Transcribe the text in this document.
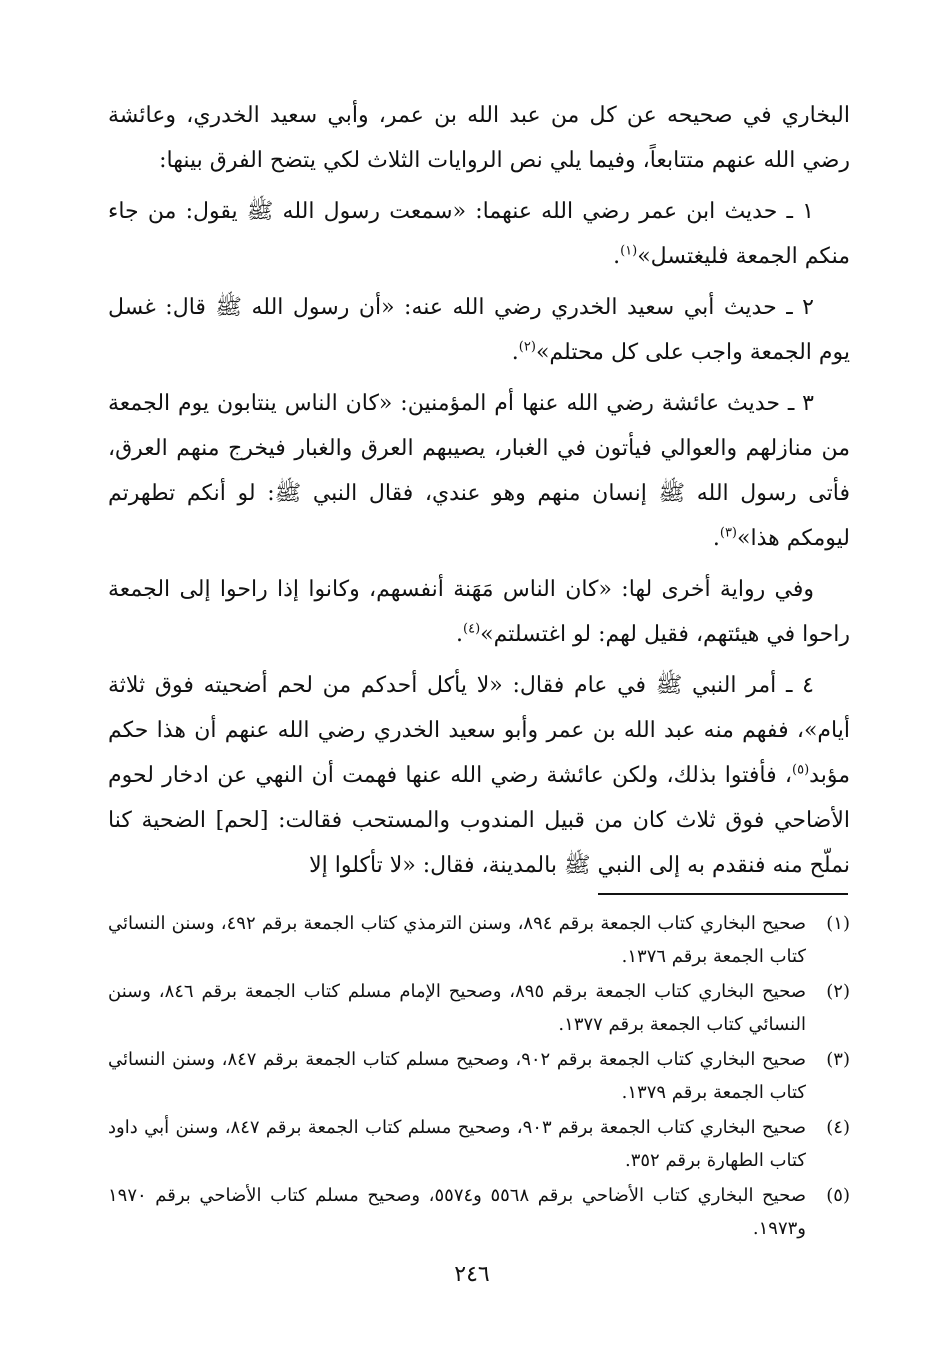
البخاري في صحيحه عن كل من عبد الله بن عمر، وأبي سعيد الخدري، وعائشة رضي الله عنهم متتابعاً، وفيما يلي نص الروايات الثلاث لكي يتضح الفرق بينها:

١ ـ حديث ابن عمر رضي الله عنهما: «سمعت رسول الله ﷺ يقول: من جاء منكم الجمعة فليغتسل»$^{(١)}$.

٢ ـ حديث أبي سعيد الخدري رضي الله عنه: «أن رسول الله ﷺ قال: غسل يوم الجمعة واجب على كل محتلم»$^{(٢)}$.

٣ ـ حديث عائشة رضي الله عنها أم المؤمنين: «كان الناس ينتابون يوم الجمعة من منازلهم والعوالي فيأتون في الغبار، يصيبهم العرق والغبار فيخرج منهم العرق، فأتى رسول الله ﷺ إنسان منهم وهو عندي، فقال النبي ﷺ: لو أنكم تطهرتم ليومكم هذا»$^{(٣)}$.

وفي رواية أخرى لها: «كان الناس مَهَنة أنفسهم، وكانوا إذا راحوا إلى الجمعة راحوا في هيئتهم، فقيل لهم: لو اغتسلتم»$^{(٤)}$.

٤ ـ أمر النبي ﷺ في عام فقال: «لا يأكل أحدكم من لحم أضحيته فوق ثلاثة أيام»، ففهم منه عبد الله بن عمر وأبو سعيد الخدري رضي الله عنهم أن هذا حكم مؤبد$^{(٥)}$، فأفتوا بذلك، ولكن عائشة رضي الله عنها فهمت أن النهي عن ادخار لحوم الأضاحي فوق ثلاث كان من قبيل المندوب والمستحب فقالت: [لحم] الضحية كنا نملّح منه فنقدم به إلى النبي ﷺ بالمدينة، فقال: «لا تأكلوا إلا

(١)
صحيح البخاري كتاب الجمعة برقم ٨٩٤، وسنن الترمذي كتاب الجمعة برقم ٤٩٢، وسنن النسائي كتاب الجمعة برقم ١٣٧٦.
(٢)
صحيح البخاري كتاب الجمعة برقم ٨٩٥، وصحيح الإمام مسلم كتاب الجمعة برقم ٨٤٦، وسنن النسائي كتاب الجمعة برقم ١٣٧٧.
(٣)
صحيح البخاري كتاب الجمعة برقم ٩٠٢، وصحيح مسلم كتاب الجمعة برقم ٨٤٧، وسنن النسائي كتاب الجمعة برقم ١٣٧٩.
(٤)
صحيح البخاري كتاب الجمعة برقم ٩٠٣، وصحيح مسلم كتاب الجمعة برقم ٨٤٧، وسنن أبي داود كتاب الطهارة برقم ٣٥٢.
(٥)
صحيح البخاري كتاب الأضاحي برقم ٥٥٦٨ و٥٥٧٤، وصحيح مسلم كتاب الأضاحي برقم ١٩٧٠ و١٩٧٣.
٢٤٦
